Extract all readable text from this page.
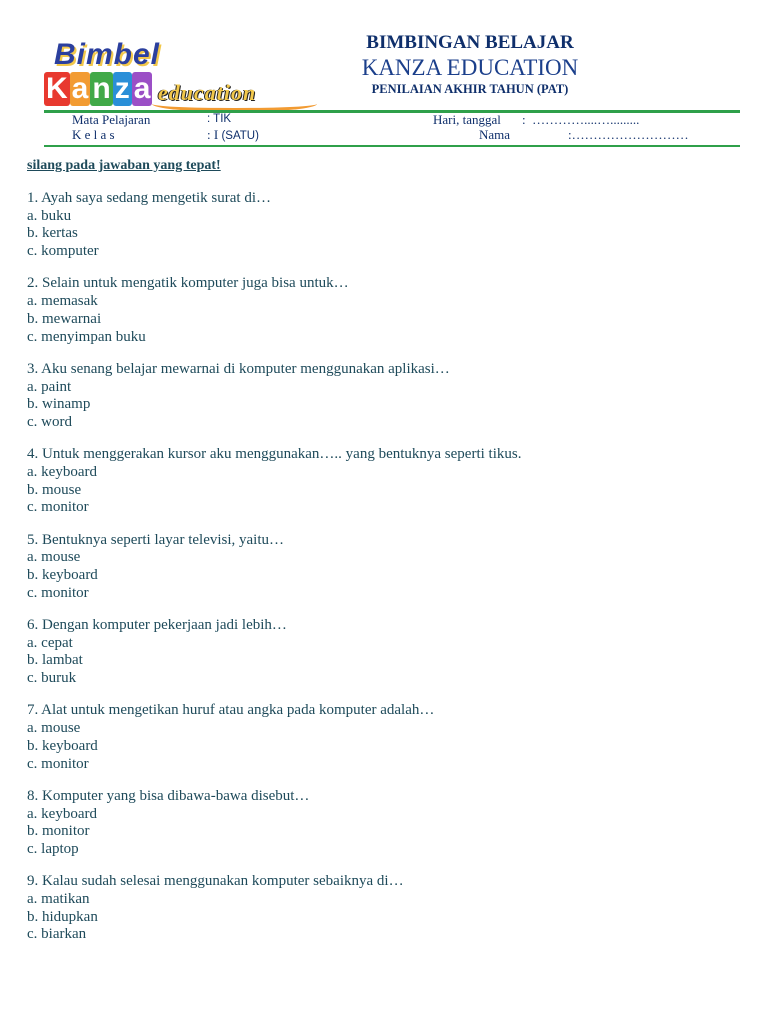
Bimbel
K a n z a education
BIMBINGAN BELAJAR
KANZA EDUCATION
PENILAIAN AKHIR TAHUN (PAT)
Mata Pelajaran	: TIK
K e l a s	: I (SATU)
Hari, tanggal :  …………....….........
Nama	:………………………
silang pada jawaban yang tepat!
1. Ayah saya sedang mengetik surat di…
a. buku
b. kertas
c. komputer
2. Selain untuk mengatik komputer juga bisa untuk…
a. memasak
b. mewarnai
c. menyimpan buku
3. Aku senang belajar mewarnai di komputer menggunakan aplikasi…
a. paint
b. winamp
c. word
4. Untuk menggerakan kursor aku menggunakan….. yang bentuknya seperti tikus.
a. keyboard
b. mouse
c. monitor
5. Bentuknya seperti layar televisi, yaitu…
a. mouse
b. keyboard
c. monitor
6. Dengan komputer pekerjaan jadi lebih…
a. cepat
b. lambat
c. buruk
7. Alat untuk mengetikan huruf atau angka pada komputer adalah…
a. mouse
b. keyboard
c. monitor
8. Komputer yang bisa dibawa-bawa disebut…
a. keyboard
b. monitor
c. laptop
9. Kalau sudah selesai menggunakan komputer sebaiknya di…
a. matikan
b. hidupkan
c. biarkan
